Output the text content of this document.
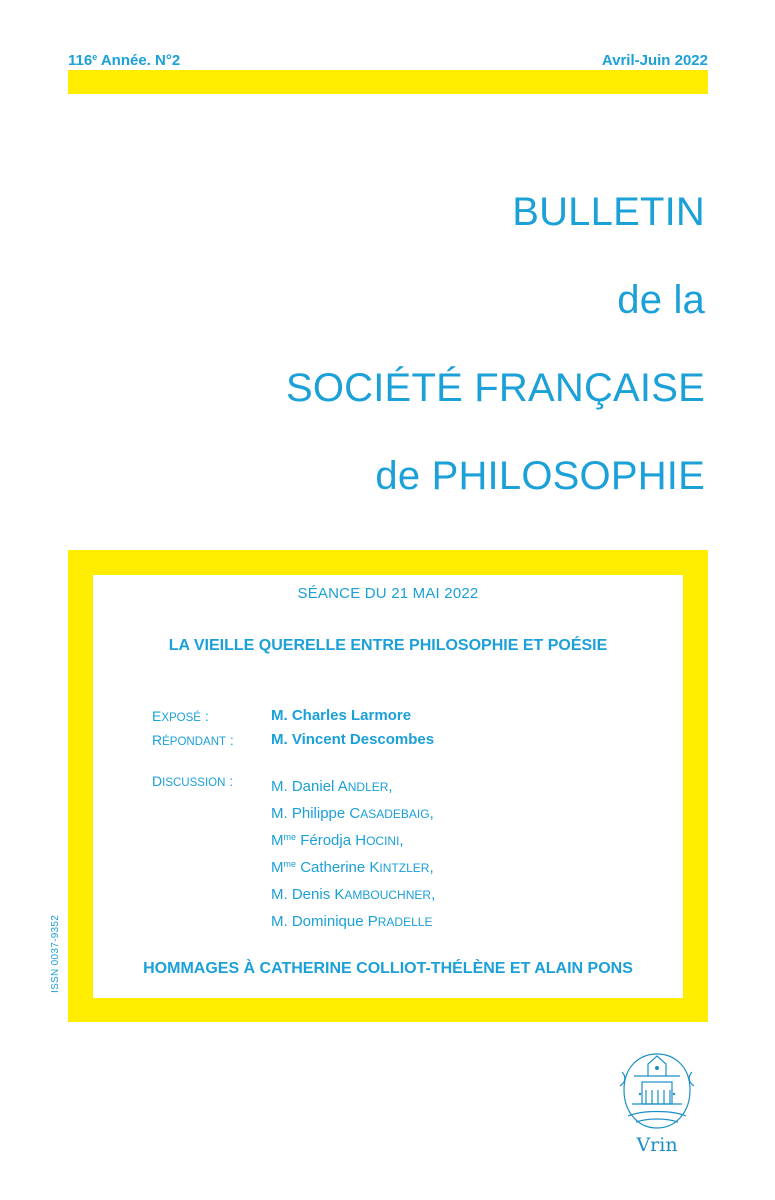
116e Année. N°2	Avril-Juin 2022
BULLETIN
de la
SOCIÉTÉ FRANÇAISE
de PHILOSOPHIE
SÉANCE DU 21 MAI 2022
LA VIEILLE QUERELLE ENTRE PHILOSOPHIE ET POÉSIE
EXPOSÉ :	M. Charles Larmore
RÉPONDANT : M. Vincent Descombes
DISCUSSION :	M. Daniel ANDLER,
M. Philippe CASADEBAIG,
$M^{me}$ Férodja HOCINI,
$M^{me}$ Catherine KINTZLER,
M. Denis KAMBOUCHNER,
M. Dominique PRADELLE
HOMMAGES À CATHERINE COLLIOT-THÉLÈNE ET ALAIN PONS
ISSN 0037-9352
Vrin
